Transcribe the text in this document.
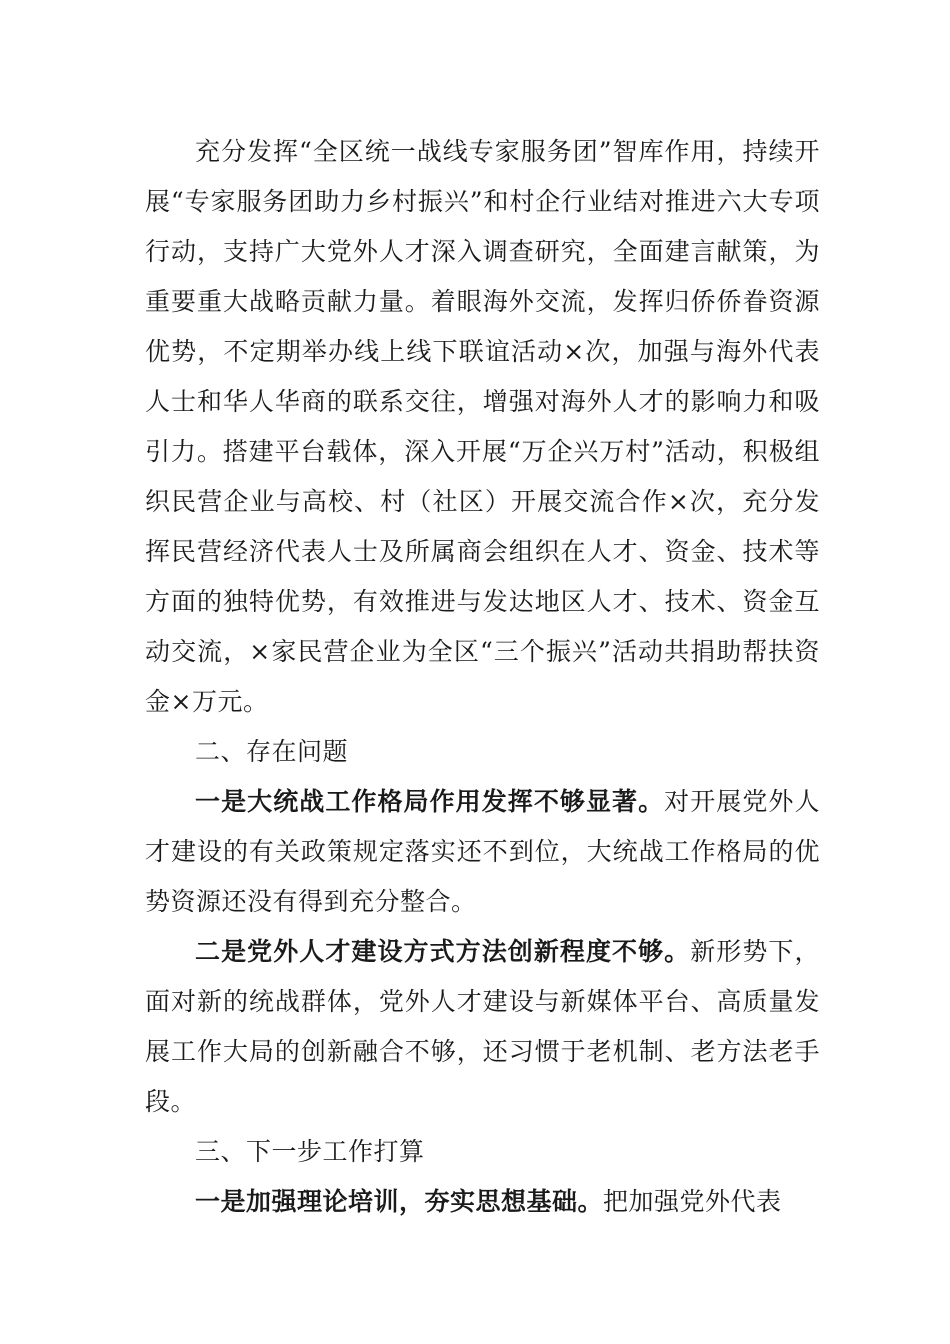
充分发挥“全区统一战线专家服务团”智库作用，持续开展“专家服务团助力乡村振兴”和村企行业结对推进六大专项行动，支持广大党外人才深入调查研究，全面建言献策，为重要重大战略贡献力量。着眼海外交流，发挥归侨侨眷资源优势，不定期举办线上线下联谊活动×次，加强与海外代表人士和华人华商的联系交往，增强对海外人才的影响力和吸引力。搭建平台载体，深入开展“万企兴万村”活动，积极组织民营企业与高校、村（社区）开展交流合作×次，充分发挥民营经济代表人士及所属商会组织在人才、资金、技术等方面的独特优势，有效推进与发达地区人才、技术、资金互动交流，×家民营企业为全区“三个振兴”活动共捐助帮扶资金×万元。

二、存在问题

一是大统战工作格局作用发挥不够显著。对开展党外人才建设的有关政策规定落实还不到位，大统战工作格局的优势资源还没有得到充分整合。

二是党外人才建设方式方法创新程度不够。新形势下，面对新的统战群体，党外人才建设与新媒体平台、高质量发展工作大局的创新融合不够，还习惯于老机制、老方法老手段。

三、下一步工作打算

一是加强理论培训，夯实思想基础。把加强党外代表
